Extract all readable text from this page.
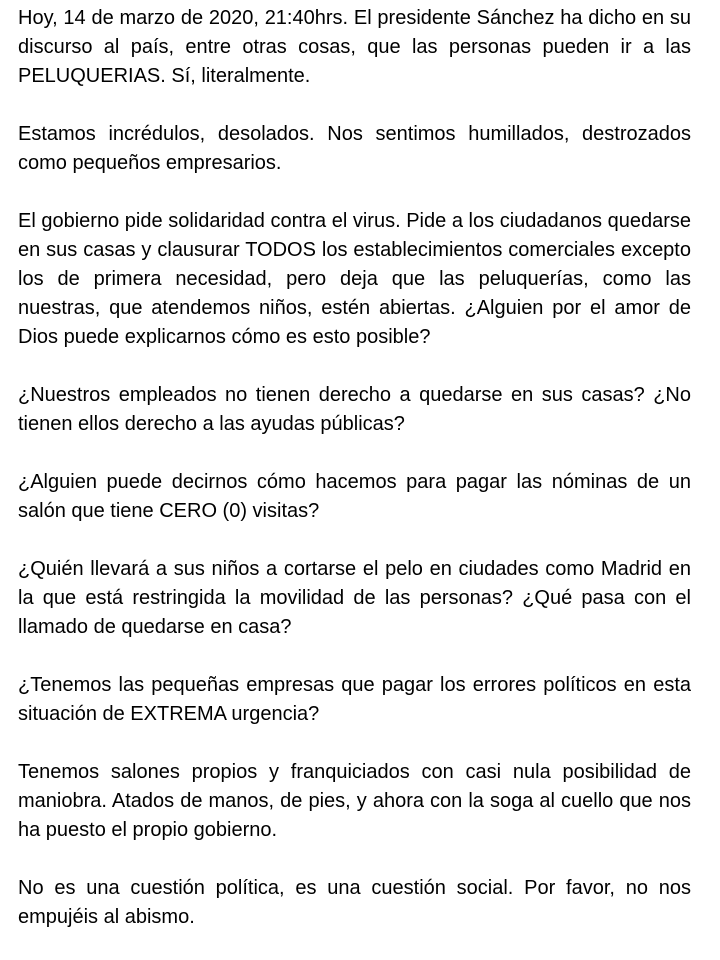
Hoy, 14 de marzo de 2020, 21:40hrs. El presidente Sánchez ha dicho en su discurso al país, entre otras cosas, que las personas pueden ir a las PELUQUERIAS. Sí, literalmente.

Estamos incrédulos, desolados. Nos sentimos humillados, destrozados como pequeños empresarios.

El gobierno pide solidaridad contra el virus. Pide a los ciudadanos quedarse en sus casas y clausurar TODOS los establecimientos comerciales excepto los de primera necesidad, pero deja que las peluquerías, como las nuestras, que atendemos niños, estén abiertas. ¿Alguien por el amor de Dios puede explicarnos cómo es esto posible?

¿Nuestros empleados no tienen derecho a quedarse en sus casas? ¿No tienen ellos derecho a las ayudas públicas?

¿Alguien puede decirnos cómo hacemos para pagar las nóminas de un salón que tiene CERO (0) visitas?

¿Quién llevará a sus niños a cortarse el pelo en ciudades como Madrid en la que está restringida la movilidad de las personas? ¿Qué pasa con el llamado de quedarse en casa?

¿Tenemos las pequeñas empresas que pagar los errores políticos en esta situación de EXTREMA urgencia?

Tenemos salones propios y franquiciados con casi nula posibilidad de maniobra. Atados de manos, de pies, y ahora con la soga al cuello que nos ha puesto el propio gobierno.

No es una cuestión política, es una cuestión social. Por favor, no nos empujéis al abismo.
